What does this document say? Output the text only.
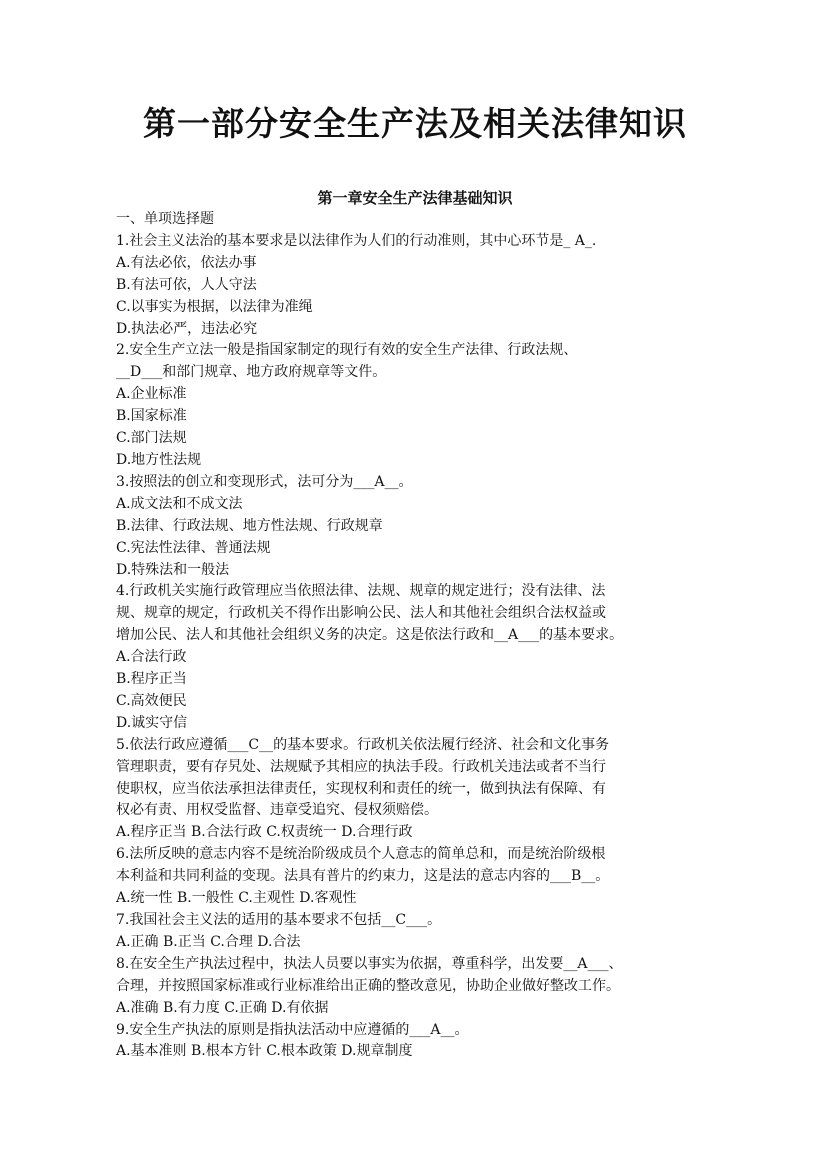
第一部分安全生产法及相关法律知识
第一章安全生产法律基础知识
一、单项选择题
1.社会主义法治的基本要求是以法律作为人们的行动准则，其中心环节是_ A_.
A.有法必依，依法办事
B.有法可依，人人守法
C.以事实为根据，以法律为准绳
D.执法必严，违法必究
2.安全生产立法一般是指国家制定的现行有效的安全生产法律、行政法规、
__D___和部门规章、地方政府规章等文件。
A.企业标准
B.国家标准
C.部门法规
D.地方性法规
3.按照法的创立和变现形式，法可分为___A__。
A.成文法和不成文法
B.法律、行政法规、地方性法规、行政规章
C.宪法性法律、普通法规
D.特殊法和一般法
4.行政机关实施行政管理应当依照法律、法规、规章的规定进行；没有法律、法
规、规章的规定，行政机关不得作出影响公民、法人和其他社会组织合法权益或
增加公民、法人和其他社会组织义务的决定。这是依法行政和__A___的基本要求。
A.合法行政
B.程序正当
C.高效便民
D.诚实守信
5.依法行政应遵循___C__的基本要求。行政机关依法履行经济、社会和文化事务
管理职责，要有存旯处、法规赋予其相应的执法手段。行政机关违法或者不当行
使职权，应当依法承担法律责任，实现权利和责任的统一，做到执法有保障、有
权必有责、用权受监督、违章受追究、侵权须赔偿。
A.程序正当 B.合法行政 C.权责统一 D.合理行政
6.法所反映的意志内容不是统治阶级成员个人意志的简单总和，而是统治阶级根
本利益和共同利益的变现。法具有普片的约束力，这是法的意志内容的___B__。
A.统一性 B.一般性 C.主观性 D.客观性
7.我国社会主义法的适用的基本要求不包括__C___。
A.正确 B.正当 C.合理 D.合法
8.在安全生产执法过程中，执法人员要以事实为依据，尊重科学，出发要__A___、
合理，并按照国家标准或行业标准给出正确的整改意见，协助企业做好整改工作。
A.准确 B.有力度 C.正确 D.有依据
9.安全生产执法的原则是指执法活动中应遵循的___A__。
A.基本准则 B.根本方针 C.根本政策 D.规章制度
